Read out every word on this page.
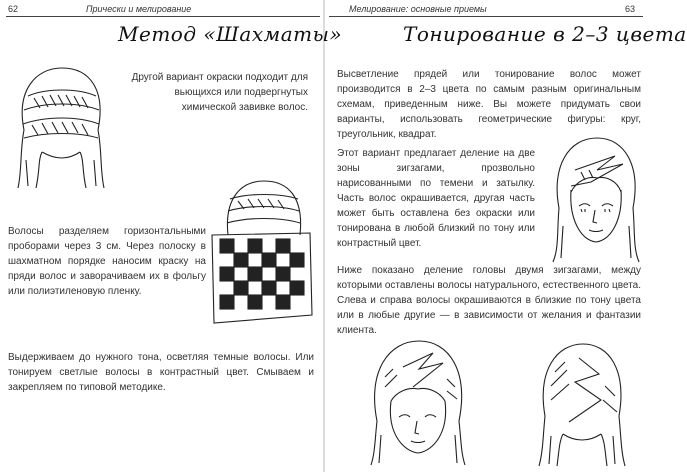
62	Прически и мелирование
Метод «Шахматы»

Другой вариант окраски подходит для вьющихся или подвергнутых химической завивке волос.

Волосы разделяем горизонтальными проборами через 3 см. Через полоску в шахматном порядке наносим краску на пряди волос и заворачиваем их в фольгу или полиэтиленовую пленку.

Выдерживаем до нужного тона, осветляя темные волосы. Или тонируем светлые волосы в контрастный цвет. Смываем и закрепляем по типовой методике.

Мелирование: основные приемы	63
Тонирование в 2–3 цвета

Высветление прядей или тонирование волос может производится в 2–3 цвета по самым разным оригинальным схемам, приведенным ниже. Вы можете придумать свои варианты, использовать геометрические фигуры: круг, треугольник, квадрат.

Этот вариант предлагает деление на две зоны зигзагами, прозвольно нарисованными по темени и затылку. Часть волос окрашивается, другая часть может быть оставлена без окраски или тонирована в любой близкий по тону или контрастный цвет.

Ниже показано деление головы двумя зигзагами, между которыми оставлены волосы натурального, естественного цвета. Слева и справа волосы окрашиваются в близкие по тону цвета или в любые другие — в зависимости от желания и фантазии клиента.
